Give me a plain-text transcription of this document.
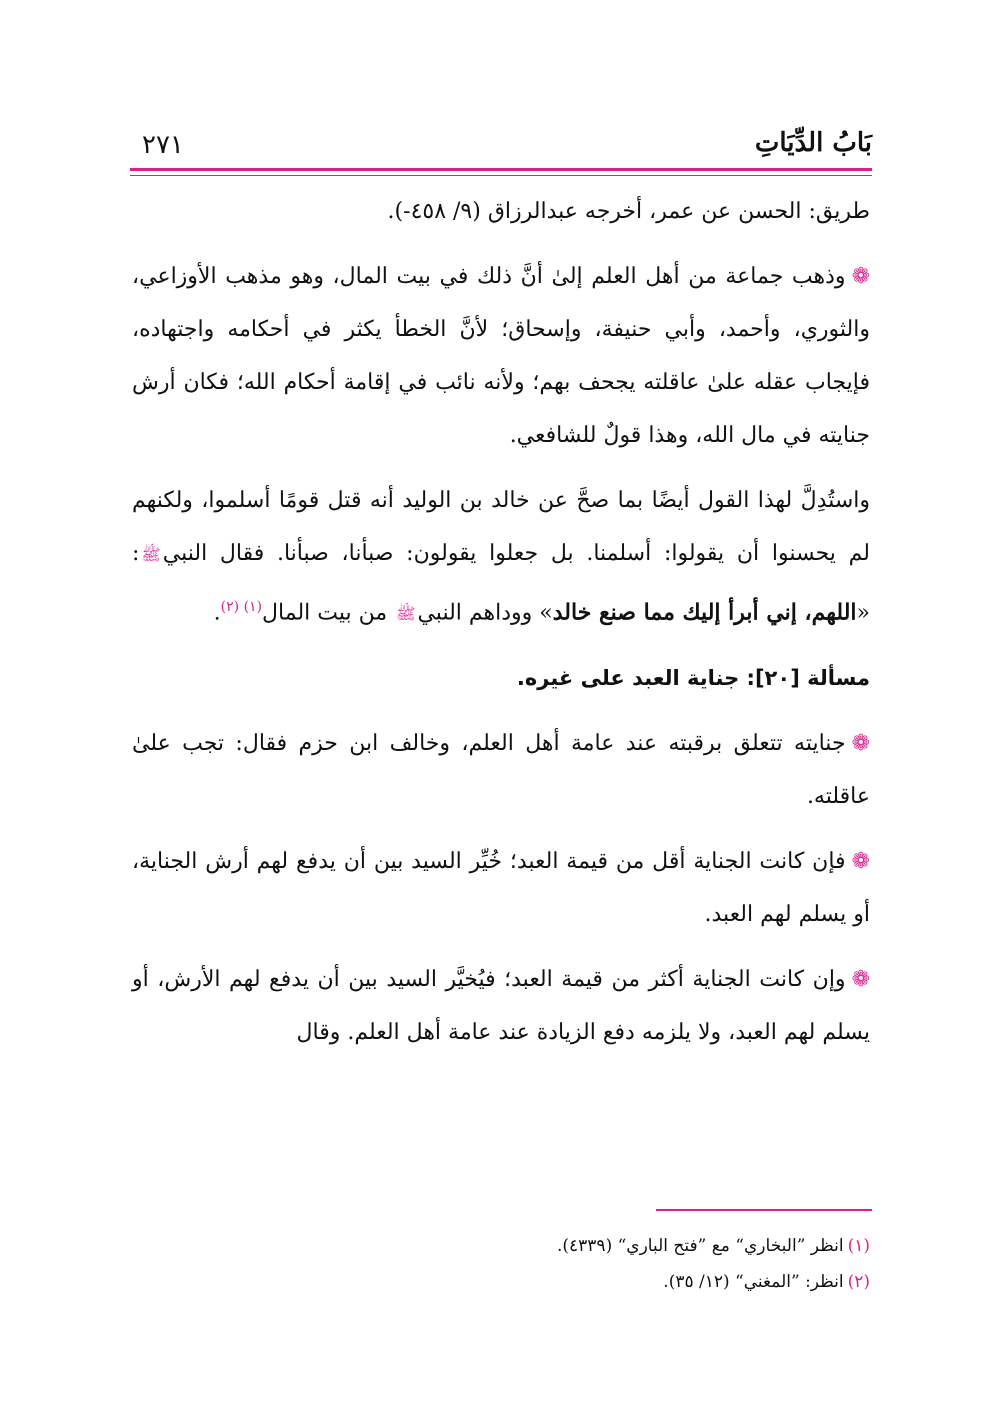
بَابُ الدِّيَاتِ
٢٧١

طريق: الحسن عن عمر، أخرجه عبدالرزاق (٩/ ٤٥٨-).

❁وذهب جماعة من أهل العلم إلىٰ أنَّ ذلك في بيت المال، وهو مذهب الأوزاعي، والثوري، وأحمد، وأبي حنيفة، وإسحاق؛ لأنَّ الخطأ يكثر في أحكامه واجتهاده، فإيجاب عقله علىٰ عاقلته يجحف بهم؛ ولأنه نائب في إقامة أحكام الله؛ فكان أرش جنايته في مال الله، وهذا قولٌ للشافعي.

واستُدِلَّ لهذا القول أيضًا بما صحَّ عن خالد بن الوليد أنه قتل قومًا أسلموا، ولكنهم لم يحسنوا أن يقولوا: أسلمنا. بل جعلوا يقولون: صبأنا، صبأنا. فقال النبيﷺ: «اللهم، إني أبرأ إليك مما صنع خالد» ووداهم النبيﷺ من بيت المال$^{(١) (٢)}$.

مسألة [٢٠]: جناية العبد على غيره.

❁جنايته تتعلق برقبته عند عامة أهل العلم، وخالف ابن حزم فقال: تجب علىٰ عاقلته.

❁فإن كانت الجناية أقل من قيمة العبد؛ خُيِّر السيد بين أن يدفع لهم أرش الجناية، أو يسلم لهم العبد.

❁وإن كانت الجناية أكثر من قيمة العبد؛ فيُخيَّر السيد بين أن يدفع لهم الأرش، أو يسلم لهم العبد، ولا يلزمه دفع الزيادة عند عامة أهل العلم. وقال

(١)انظر ”البخاري“ مع ”فتح الباري“ (٤٣٣٩).
(٢)انظر: ”المغني“ (١٢/ ٣٥).
